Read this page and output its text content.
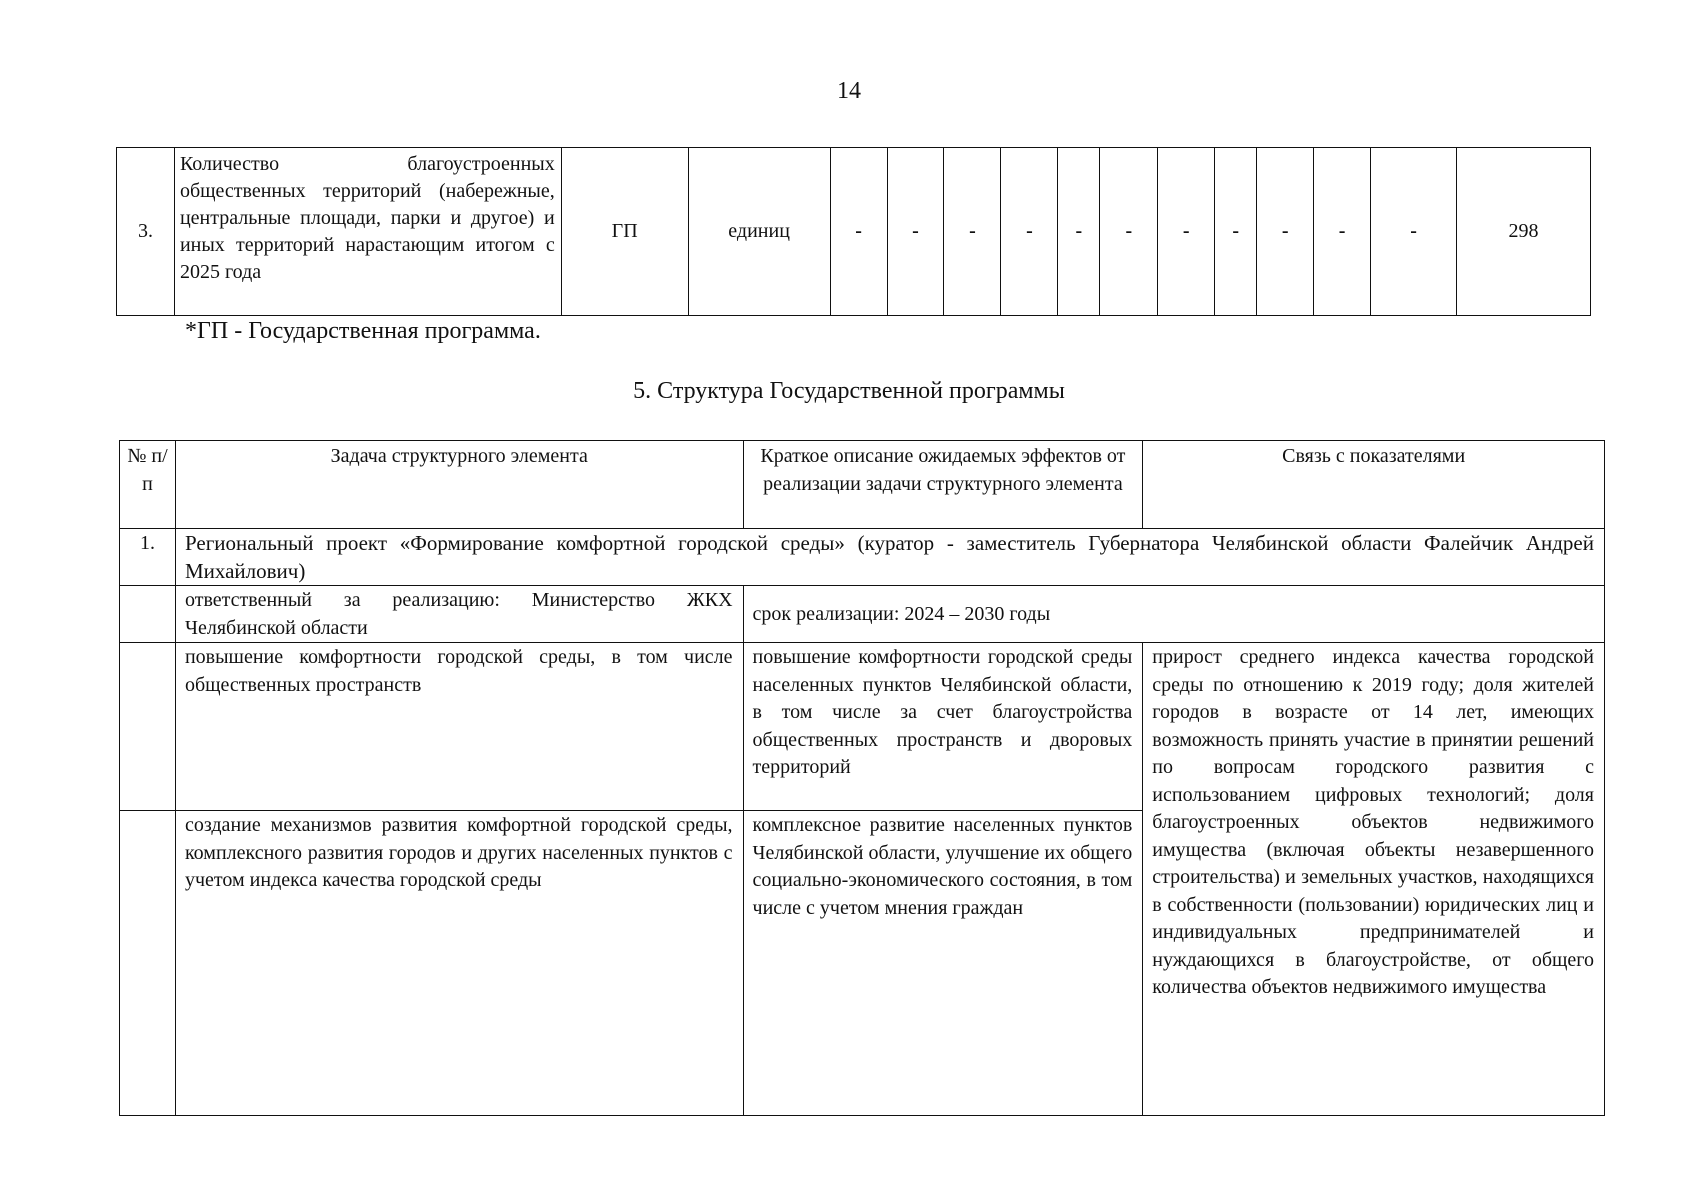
14
3.	Количество благоустроенных общественных территорий (набережные, центральные площади, парки и другое) и иных территорий нарастающим итогом с 2025 года	ГП	единиц	-	-	-	-	-	-	-	-	-	-	-	298
*ГП - Государственная программа.
5. Структура Государственной программы
№ п/п	Задача структурного элемента	Краткое описание ожидаемых эффектов от реализации задачи структурного элемента	Связь с показателями
1.	Региональный проект «Формирование комфортной городской среды» (куратор - заместитель Губернатора Челябинской области Фалейчик Андрей Михайлович)		
	ответственный за реализацию: Министерство ЖКХ Челябинской области	срок реализации: 2024 – 2030 годы	
	повышение комфортности городской среды, в том числе общественных пространств	повышение комфортности городской среды населенных пунктов Челябинской области, в том числе за счет благоустройства общественных пространств и дворовых территорий	прирост среднего индекса качества городской среды по отношению к 2019 году; доля жителей городов в возрасте от 14 лет, имеющих возможность принять участие в принятии решений по вопросам городского развития с использованием цифровых технологий; доля благоустроенных объектов недвижимого имущества (включая объекты незавершенного строительства) и земельных участков, находящихся в собственности (пользовании) юридических лиц и индивидуальных предпринимателей и нуждающихся в благоустройстве, от общего количества объектов недвижимого имущества
	создание механизмов развития комфортной городской среды, комплексного развития городов и других населенных пунктов с учетом индекса качества городской среды	комплексное развитие населенных пунктов Челябинской области, улучшение их общего социально-экономического состояния, в том числе с учетом мнения граждан	
